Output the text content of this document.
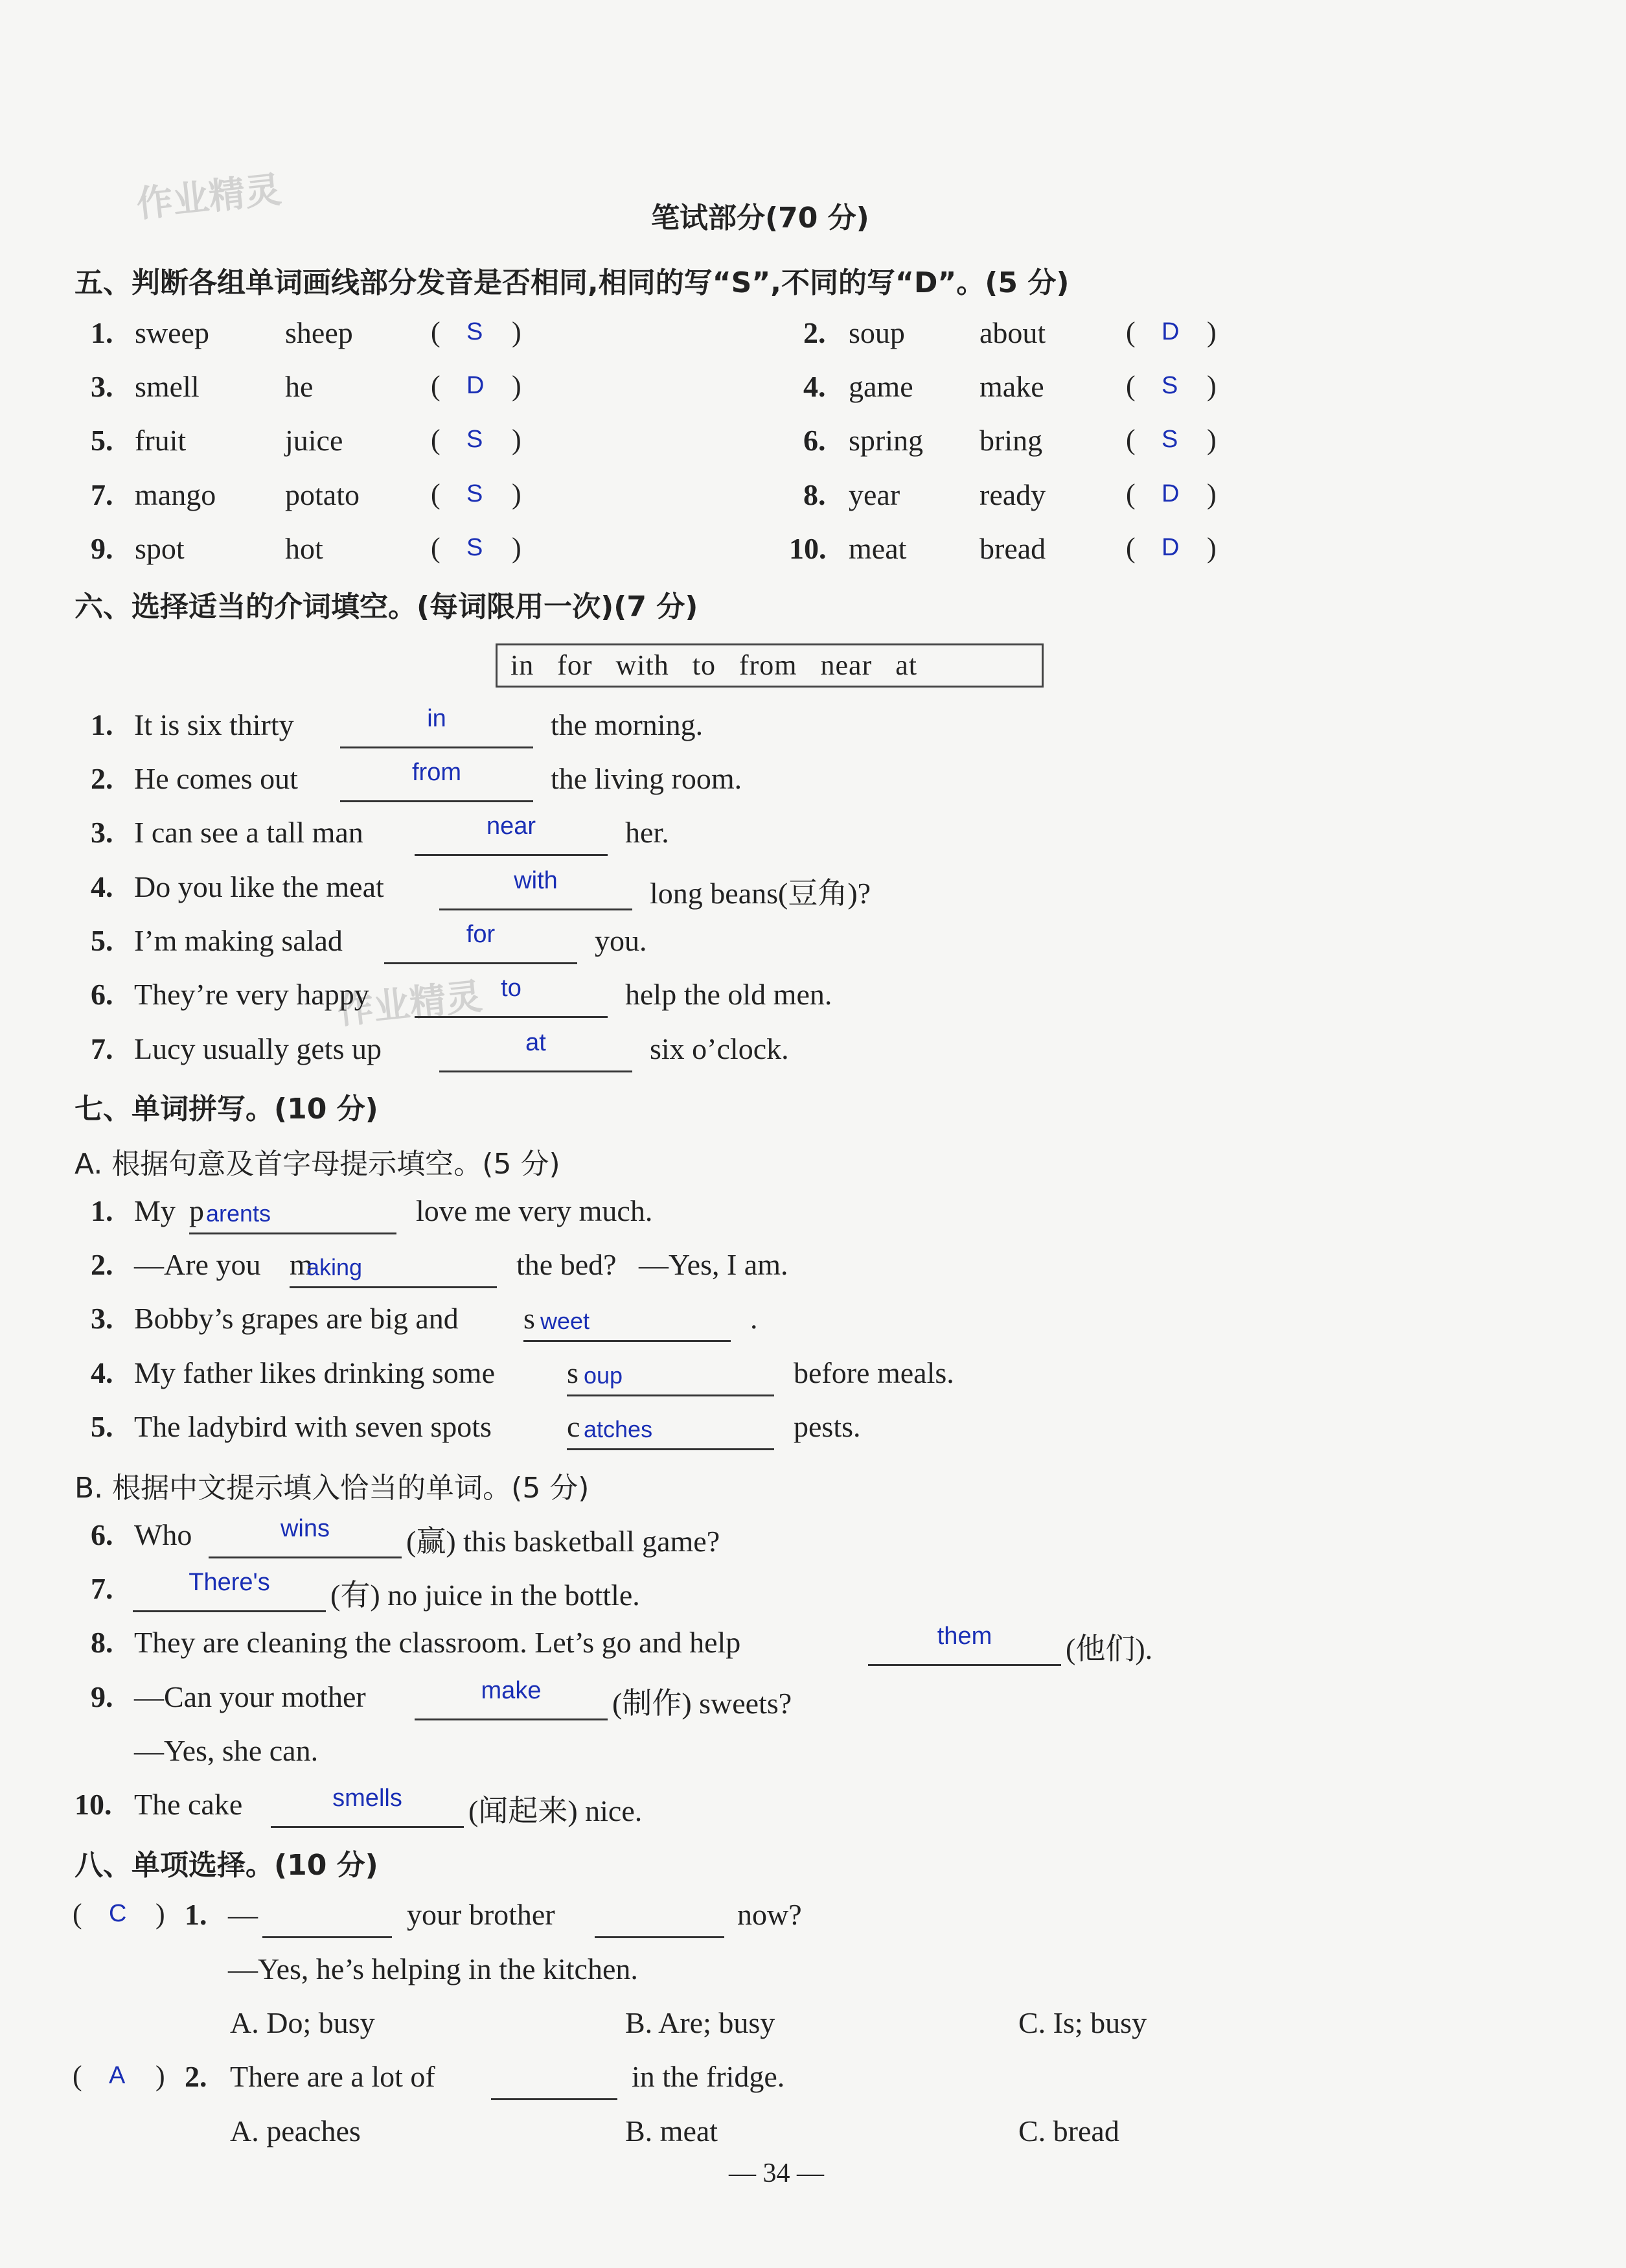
作业精灵
作业精灵
笔试部分(70 分)
五、判断各组单词画线部分发音是否相同,相同的写“S”,不同的写“D”。(5 分)
1. sweep	sheep	( S )	2. soup	about	( D )
3. smell	he	( D )	4. game make	( S )
5. fruit	juice	( S )	6. spring bring	( S )
7. mango potato	( S )	8. year	ready	( D )
9. spot	hot	( S )	10. meat bread	( D )
六、选择适当的介词填空。(每词限用一次)(7 分)
in   for   with   to   from   near   at
1. It is six thirty	in	the morning.
2. He comes out	from	the living room.
3. I can see a tall man	near	her.
4. Do you like the meat	with	long beans(豆角)?
5. I’m making salad	for	you.
6. They’re very happy	to	help the old men.
7. Lucy usually gets up	at	six o’clock.
七、单词拼写。(10 分)
A. 根据句意及首字母提示填空。(5 分)
1. My p arents	love me very much.
2. —Are you m
aking	the bed?   —Yes, I am.
3. Bobby’s grapes are big and s weet	.
4. My father likes drinking some s oup	before meals.
5. The ladybird with seven spots	c atches	pests.
B. 根据中文提示填入恰当的单词。(5 分)
6. Who	wins	(赢) this basketball game?
7.	There's	(有) no juice in the bottle.
8. They are cleaning the classroom. Let’s go and help	them	(他们).
9. —Can your mother	make	(制作) sweets?
—Yes, she can.
10. The cake	smells	(闻起来) nice.
八、单项选择。(10 分)
( C ) 1. —	your brother	now?
—Yes, he’s helping in the kitchen.
A. Do; busy	B. Are; busy	C. Is; busy
( A ) 2. There are a lot of	in the fridge.
A. peaches	B. meat	C. bread
— 34 —
